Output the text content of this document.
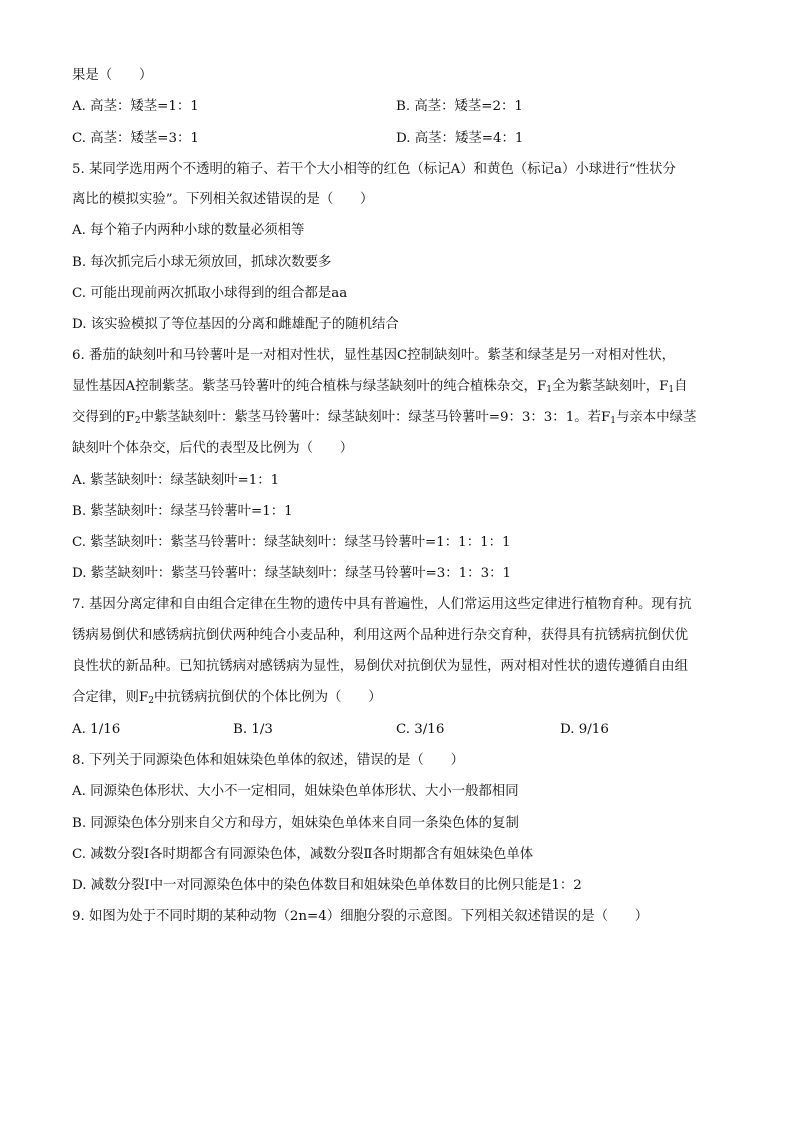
果是（　　）
A. 高茎：矮茎=1：1	B. 高茎：矮茎=2：1
C. 高茎：矮茎=3：1	D. 高茎：矮茎=4：1
5. 某同学选用两个不透明的箱子、若干个大小相等的红色（标记A）和黄色（标记a）小球进行“性状分
离比的模拟实验”。下列相关叙述错误的是（　　）
A. 每个箱子内两种小球的数量必须相等
B. 每次抓完后小球无须放回，抓球次数要多
C. 可能出现前两次抓取小球得到的组合都是aa
D. 该实验模拟了等位基因的分离和雌雄配子的随机结合
6. 番茄的缺刻叶和马铃薯叶是一对相对性状，显性基因C控制缺刻叶。紫茎和绿茎是另一对相对性状，
显性基因A控制紫茎。紫茎马铃薯叶的纯合植株与绿茎缺刻叶的纯合植株杂交，$F_1$全为紫茎缺刻叶，$F_1$自
交得到的$F_2$中紫茎缺刻叶：紫茎马铃薯叶：绿茎缺刻叶：绿茎马铃薯叶=9：3：3：1。若$F_1$与亲本中绿茎
缺刻叶个体杂交，后代的表型及比例为（　　）
A. 紫茎缺刻叶：绿茎缺刻叶=1：1
B. 紫茎缺刻叶：绿茎马铃薯叶=1：1
C. 紫茎缺刻叶：紫茎马铃薯叶：绿茎缺刻叶：绿茎马铃薯叶=1：1：1：1
D. 紫茎缺刻叶：紫茎马铃薯叶：绿茎缺刻叶：绿茎马铃薯叶=3：1：3：1
7. 基因分离定律和自由组合定律在生物的遗传中具有普遍性，人们常运用这些定律进行植物育种。现有抗
锈病易倒伏和感锈病抗倒伏两种纯合小麦品种，利用这两个品种进行杂交育种，获得具有抗锈病抗倒伏优
良性状的新品种。已知抗锈病对感锈病为显性，易倒伏对抗倒伏为显性，两对相对性状的遗传遵循自由组
合定律，则$F_2$中抗锈病抗倒伏的个体比例为（　　）
A. 1/16	B. 1/3	C. 3/16	D. 9/16
8. 下列关于同源染色体和姐妹染色单体的叙述，错误的是（　　）
A. 同源染色体形状、大小不一定相同，姐妹染色单体形状、大小一般都相同
B. 同源染色体分别来自父方和母方，姐妹染色单体来自同一条染色体的复制
C. 减数分裂Ⅰ各时期都含有同源染色体，减数分裂Ⅱ各时期都含有姐妹染色单体
D. 减数分裂Ⅰ中一对同源染色体中的染色体数目和姐妹染色单体数目的比例只能是1：2
9. 如图为处于不同时期的某种动物（2n=4）细胞分裂的示意图。下列相关叙述错误的是（　　）
